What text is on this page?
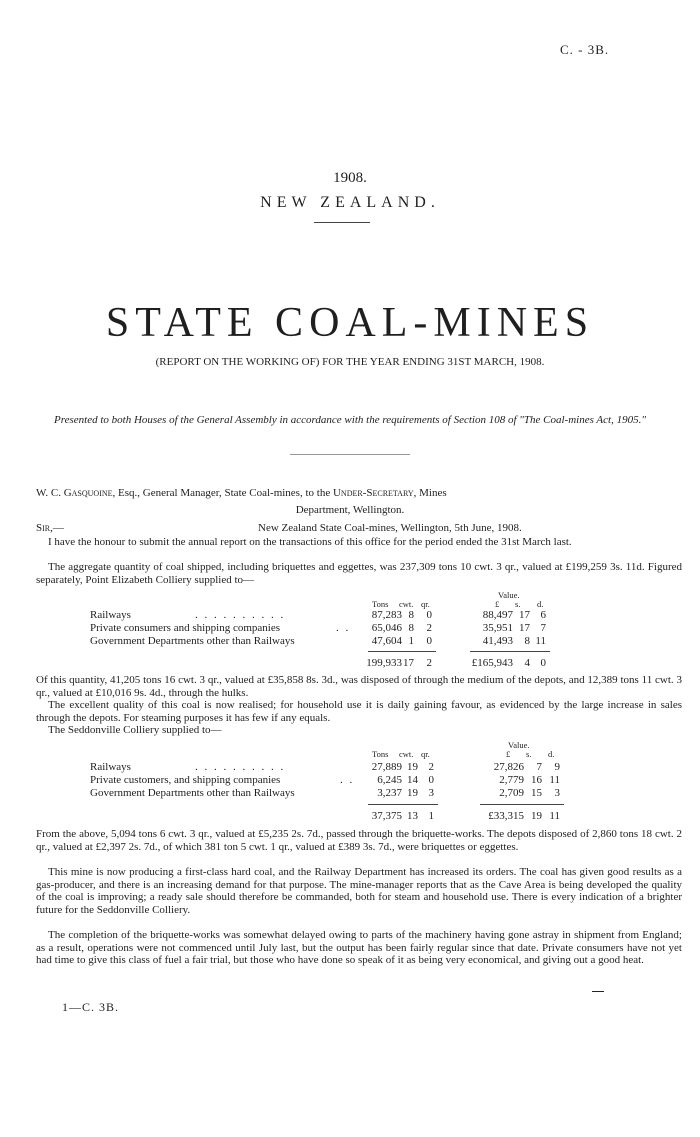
C. - 3B.
1908.
NEW ZEALAND.
STATE COAL-MINES
(REPORT ON THE WORKING OF) FOR THE YEAR ENDING 31ST MARCH, 1908.
Presented to both Houses of the General Assembly in accordance with the requirements of Section 108 of "The Coal-mines Act, 1905."
W. C. Gasquoine, Esq., General Manager, State Coal-mines, to the Under-Secretary, Mines
Department, Wellington.
Sir,—	New Zealand State Coal-mines, Wellington, 5th June, 1908.
I have the honour to submit the annual report on the transactions of this office for the period ended the 31st March last.
The aggregate quantity of coal shipped, including briquettes and eggettes, was 237,309 tons 10 cwt. 3 qr., valued at £199,259 3s. 11d. Figured separately, Point Elizabeth Colliery supplied to—
Value.
Tons cwt. qr.	£ s. d.
Railways	. . . . . . . . . .	87,283 8	0	88,497 17 6
Private consumers and shipping companies	. .	65,046 8	2	35,951 17 7
Government Departments other than Railways	47,604 1	0	41,493	8 11
199,933 17	2	£165,943	4 0
Of this quantity, 41,205 tons 16 cwt. 3 qr., valued at £35,858 8s. 3d., was disposed of through the medium of the depots, and 12,389 tons 11 cwt. 3 qr., valued at £10,016 9s. 4d., through the hulks.
The excellent quality of this coal is now realised; for household use it is daily gaining favour, as evidenced by the large increase in sales through the depots. For steaming purposes it has few if any equals.
The Seddonville Colliery supplied to—
Value.
Tons cwt. qr.	£ s. d.
Railways	. . . . . . . . . .	27,889 19 2	27,826	7	9
Private customers, and shipping companies	. .	6,245 14 0	2,779 16 11
Government Departments other than Railways	3,237 19 3	2,709 15	3
37,375 13 1	£33,315 19 11
From the above, 5,094 tons 6 cwt. 3 qr., valued at £5,235 2s. 7d., passed through the briquette-works. The depots disposed of 2,860 tons 18 cwt. 2 qr., valued at £2,397 2s. 7d., of which 381 ton 5 cwt. 1 qr., valued at £389 3s. 7d., were briquettes or eggettes.
This mine is now producing a first-class hard coal, and the Railway Department has increased its orders. The coal has given good results as a gas-producer, and there is an increasing demand for that purpose. The mine-manager reports that as the Cave Area is being developed the quality of the coal is improving; a ready sale should therefore be commanded, both for steam and household use. There is every indication of a brighter future for the Seddonville Colliery.
The completion of the briquette-works was somewhat delayed owing to parts of the machinery having gone astray in shipment from England; as a result, operations were not commenced until July last, but the output has been fairly regular since that date. Private consumers have not yet had time to give this class of fuel a fair trial, but those who have done so speak of it as being very economical, and giving out a good heat.
1—C. 3B.
